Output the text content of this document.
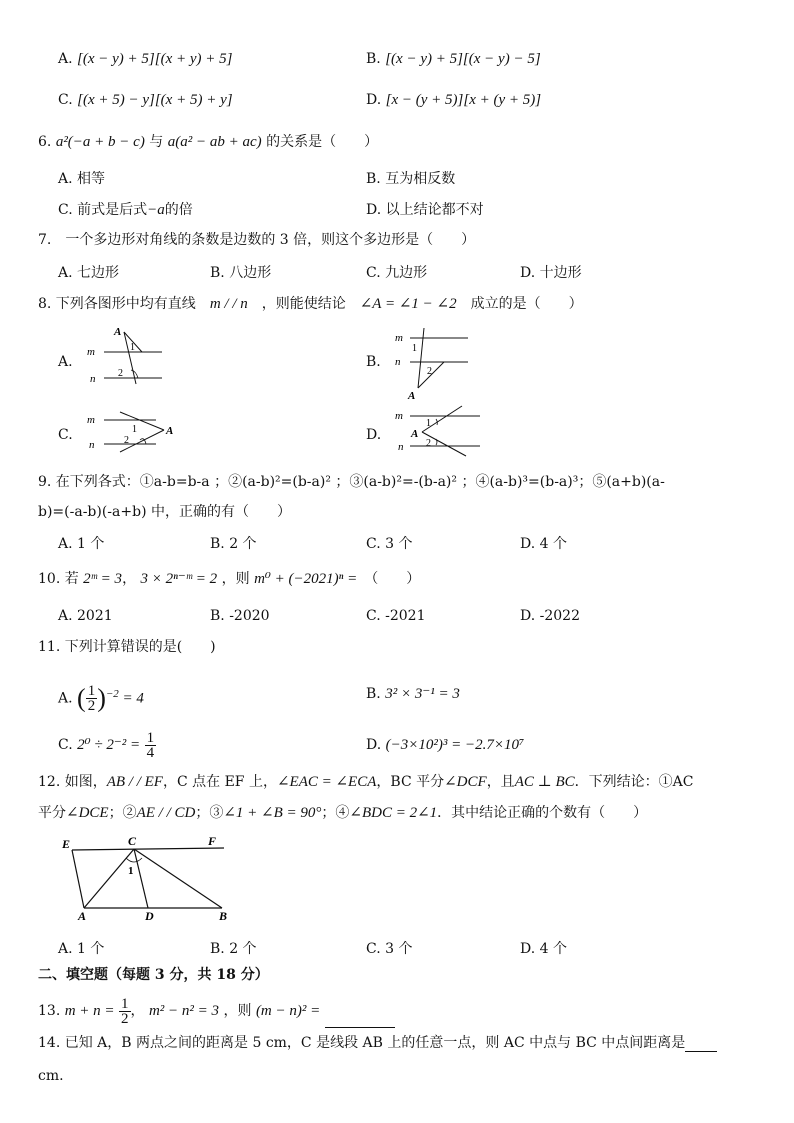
A. [(x − y) + 5][(x + y) + 5]	B. [(x − y) + 5][(x − y) − 5]
C. [(x + 5) − y][(x + 5) + y]	D. [x − (y + 5)][x + (y + 5)]
6. a²(−a + b − c) 与 a(a² − ab + ac) 的关系是（　　）
A. 相等	B. 互为相反数
C. 前式是后式−a的倍	D. 以上结论都不对
7.　一个多边形对角线的条数是边数的 3 倍，则这个多边形是（　　）
A. 七边形	B. 八边形	C. 九边形	D. 十边形
8. 下列各图形中均有直线　 m / / n　 ，则能使结论　 ∠A = ∠1 − ∠2　 成立的是（　　）
A.	B.
C.	D.
A
m
n
1
2
m
n
1
2
A
m
n
1
2
A
m
n
1
2
A
9. 在下列各式：①a-b=b-a ；②(a-b)²=(b-a)² ；③(a-b)²=-(b-a)² ；④(a-b)³=(b-a)³；⑤(a+b)(a-
b)=(-a-b)(-a+b) 中，正确的有（　　）
A. 1 个	B. 2 个	C. 3 个	D. 4 个
10. 若 2ᵐ = 3， 3 × 2ⁿ⁻ᵐ = 2 ，则 m⁰ + (−2021)ⁿ =　 （　　）
A. 2021	B. -2020	C. -2021	D. -2022
11. 下列计算错误的是(　　)
A. ( $\frac{1}{2} )^{-2} = 4$	B. 3² × 3⁻¹ = 3
C. $2^0 \div 2^{-2} = \frac{1}{4}$	D. (−3×10²)³ = −2.7×10⁷
12. 如图，AB / / EF，C 点在 EF 上，∠EAC = ∠ECA，BC 平分∠DCF，且AC ⊥ BC．下列结论：①AC
平分∠DCE；②AE / / CD；③∠1 + ∠B = 90°；④∠BDC = 2∠1．其中结论正确的个数有（　　）
E	C	F
1
A	D	B
A. 1 个	B. 2 个	C. 3 个	D. 4 个
二、填空题（每题 3 分，共 18 分）
13. $m + n = \frac{1}{2}$ ， m² − n² = 3 ，则 (m − n)² =
14. 已知 A，B 两点之间的距离是 5 cm，C 是线段 AB 上的任意一点，则 AC 中点与 BC 中点间距离是
cm.
